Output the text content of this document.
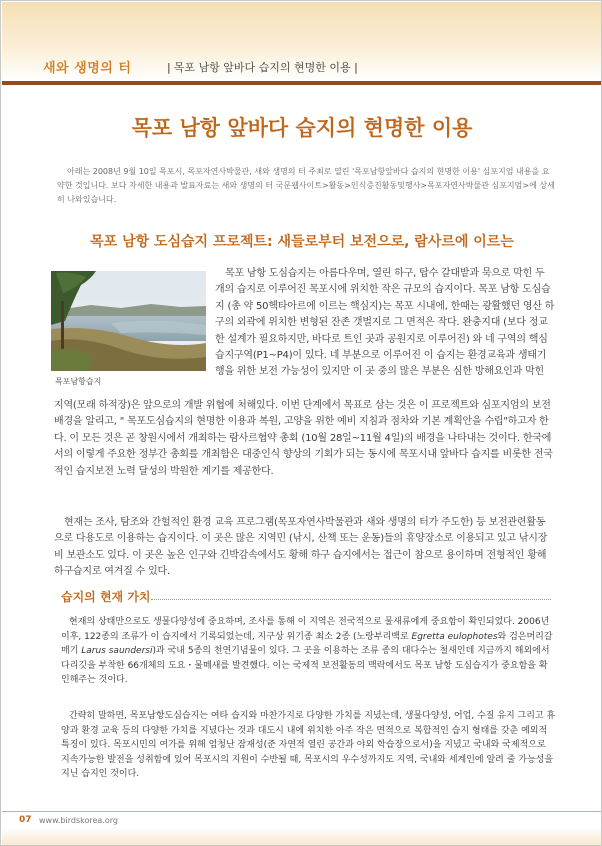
새와 생명의 터	| 목포 남항 앞바다 습지의 현명한 이용 |
목포 남항 앞바다 습지의 현명한 이용

아래는 2008년 9월 10일 목포시, 목포자연사박물관, 새와 생명의 터 주최로 열린 '목포남항앞바다 습지의 현명한 이용' 심포지엄 내용을 요약한 것입니다. 보다 자세한 내용과 발표자료는 새와 생명의 터 국문웹사이트>활동>인식증진활동및행사>목포자연사박물관 심포지엄>에 상세히 나와있습니다.

목포 남항 도심습지 프로젝트: 새들로부터 보전으로, 람사르에 이르는
목포남항습지

목포 남항 도심습지는 아름다우며, 열린 하구, 탑수 갈대밭과 묵으로 막힌 두 개의 습지로 이루어진 목포시에 위치한 작은 규모의 습지이다. 목포 남항 도심습지 (총 약 50헥타아르에 이르는 핵심지)는 목포 시내에, 한때는 광활했던 영산 하구의 외곽에 위치한 변형된 잔존 갯벌지로 그 면적은 작다. 완충지대 (보다 정교한 설계가 필요하지만, 바다로 트인 곳과 공원지로 이루어진) 와 네 구역의 핵심 습지구역(P1~P4)이 있다. 네 부분으로 이루어진 이 습지는 환경교육과 생태기행을 위한 보전 가능성이 있지만 이 곳 중의 많은 부분은 심한 방해요인과 막힌

지역(모래 하적장)은 앞으로의 개발 위협에 처해있다. 이번 단계에서 목표로 삼는 것은 이 프로젝트와 심포지엄의 보전 배경을 알리고, " 목포도심습지의 현명한 이용과 복원, 고양을 위한 예비 지침과 점차와 기본 계획안을 수립"하고자 한다. 이 모든 것은 곧 창원시에서 개최하는 람사르협약 총회 (10월 28일~11월 4일)의 배경을 나타내는 것이다. 한국에서의 이렇게 주요한 정부간 총회를 개최함은 대중인식 향상의 기회가 되는 동시에 목포시내 앞바다 습지를 비롯한 전국적인 습지보전 노력 달성의 박원한 계기를 제공한다.

현재는 조사, 탐조와 간헐적인 환경 교육 프로그램(목포자연사박물관과 새와 생명의 터가 주도한) 등 보전관련활동으로 다용도로 이용하는 습지이다. 이 곳은 많은 지역민 (낚시, 산책 또는 운동)들의 휴양장소로 이용되고 있고 낚시장비 보관소도 있다. 이 곳은 높은 인구와 긴박감속에서도 황해 하구 습지에서는 접근이 참으로 용이하며 전형적인 황해 하구습지로 여겨질 수 있다.

습지의 현재 가치

현재의 상태만으로도 생물다양성에 중요하며, 조사를 통해 이 지역은 전국적으로 물새류에게 중요함이 확인되었다. 2006년 이후, 122종의 조류가 이 습지에서 기록되었는데, 지구상 위기종 최소 2종 (노랑부리백로 Egretta eulophotes와 검은머리갈매기 Larus saundersi)과 국내 5종의 천연기념물이 있다. 그 곳을 이용하는 조류 종의 대다수는 철새인데 지금까지 해외에서 다리깃을 부착한 66개체의 도요・물떼새를 발견했다. 이는 국제적 보전활동의 맥락에서도 목포 남항 도심습지가 중요함을 확인해주는 것이다.

간략히 말하면, 목포남항도심습지는 여타 습지와 마찬가지로 다양한 가치를 지녔는데, 생물다양성, 어업, 수질 유지 그리고 휴양과 환경 교육 등의 다양한 가치를 지녔다는 것과 대도시 내에 위치한 아주 작은 면적으로 복합적인 습지 형태를 갖춘 예외적 특징이 있다. 목포시민의 여가를 위해 엄청난 잠재성(준 자연적 열린 공간과 야외 학습장으로서)을 지녔고 국내와 국제적으로 지속가능한 발전을 성취함에 있어 목포시의 지원이 수반될 때, 목포시의 우수성까지도 지역, 국내와 세계인에 알려 줄 가능성을 지닌 습지인 것이다.

07 www.birdskorea.org
